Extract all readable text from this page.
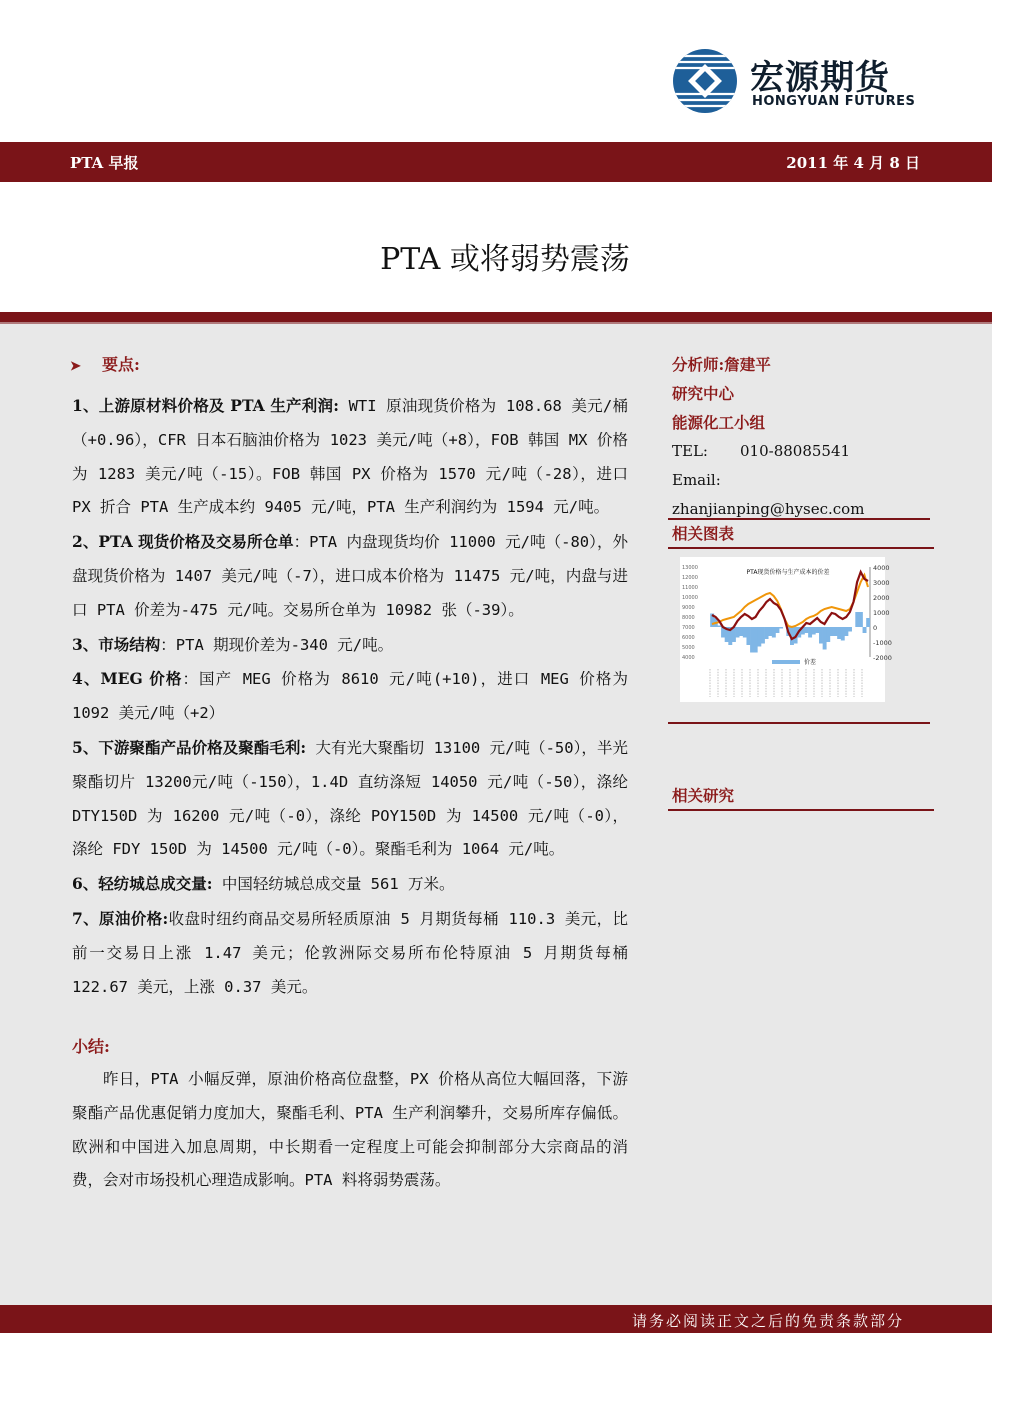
宏源期货
HONGYUAN FUTURES
PTA 早报	2011 年 4 月 8 日
PTA 或将弱势震荡
➤ 要点:

1、上游原材料价格及 PTA 生产利润: WTI 原油现货价格为 108.68 美元/桶（+0.96），CFR 日本石脑油价格为 1023 美元/吨（+8），FOB 韩国 MX 价格为 1283 美元/吨（-15）。FOB 韩国 PX 价格为 1570 元/吨（-28），进口 PX 折合 PTA 生产成本约 9405 元/吨，PTA 生产利润约为 1594 元/吨。

2、PTA 现货价格及交易所仓单：PTA 内盘现货均价 11000 元/吨（-80），外盘现货价格为 1407 美元/吨（-7），进口成本价格为 11475 元/吨，内盘与进口 PTA 价差为-475 元/吨。交易所仓单为 10982 张（-39）。

3、市场结构：PTA 期现价差为-340 元/吨。

4、MEG 价格：国产 MEG 价格为 8610 元/吨(+10)，进口 MEG 价格为 1092 美元/吨（+2）

5、下游聚酯产品价格及聚酯毛利: 大有光大聚酯切 13100 元/吨（-50），半光聚酯切片 13200元/吨（-150），1.4D 直纺涤短 14050 元/吨（-50），涤纶 DTY150D 为 16200 元/吨（-0），涤纶 POY150D 为 14500 元/吨（-0），涤纶 FDY 150D 为 14500 元/吨（-0）。聚酯毛利为 1064 元/吨。

6、轻纺城总成交量: 中国轻纺城总成交量 561 万米。

7、原油价格:收盘时纽约商品交易所轻质原油 5 月期货每桶 110.3 美元，比前一交易日上涨 1.47 美元；伦敦洲际交易所布伦特原油 5 月期货每桶 122.67 美元，上涨 0.37 美元。

小结:

昨日，PTA 小幅反弹，原油价格高位盘整，PX 价格从高位大幅回落，下游聚酯产品优惠促销力度加大，聚酯毛利、PTA 生产利润攀升，交易所库存偏低。欧洲和中国进入加息周期，中长期看一定程度上可能会抑制部分大宗商品的消费，会对市场投机心理造成影响。PTA 料将弱势震荡。

分析师:詹建平
研究中心
能源化工小组
TEL: 010-88085541
Email:zhanjianping@hysec.com
相关图表
13000
12000
11000
10000
9000
8000
7000
6000
5000
4000
4000
3000
2000
1000
0
-1000
-2000
PTA现货价格与生产成本的价差
价差
相关研究
请务必阅读正文之后的免责条款部分
